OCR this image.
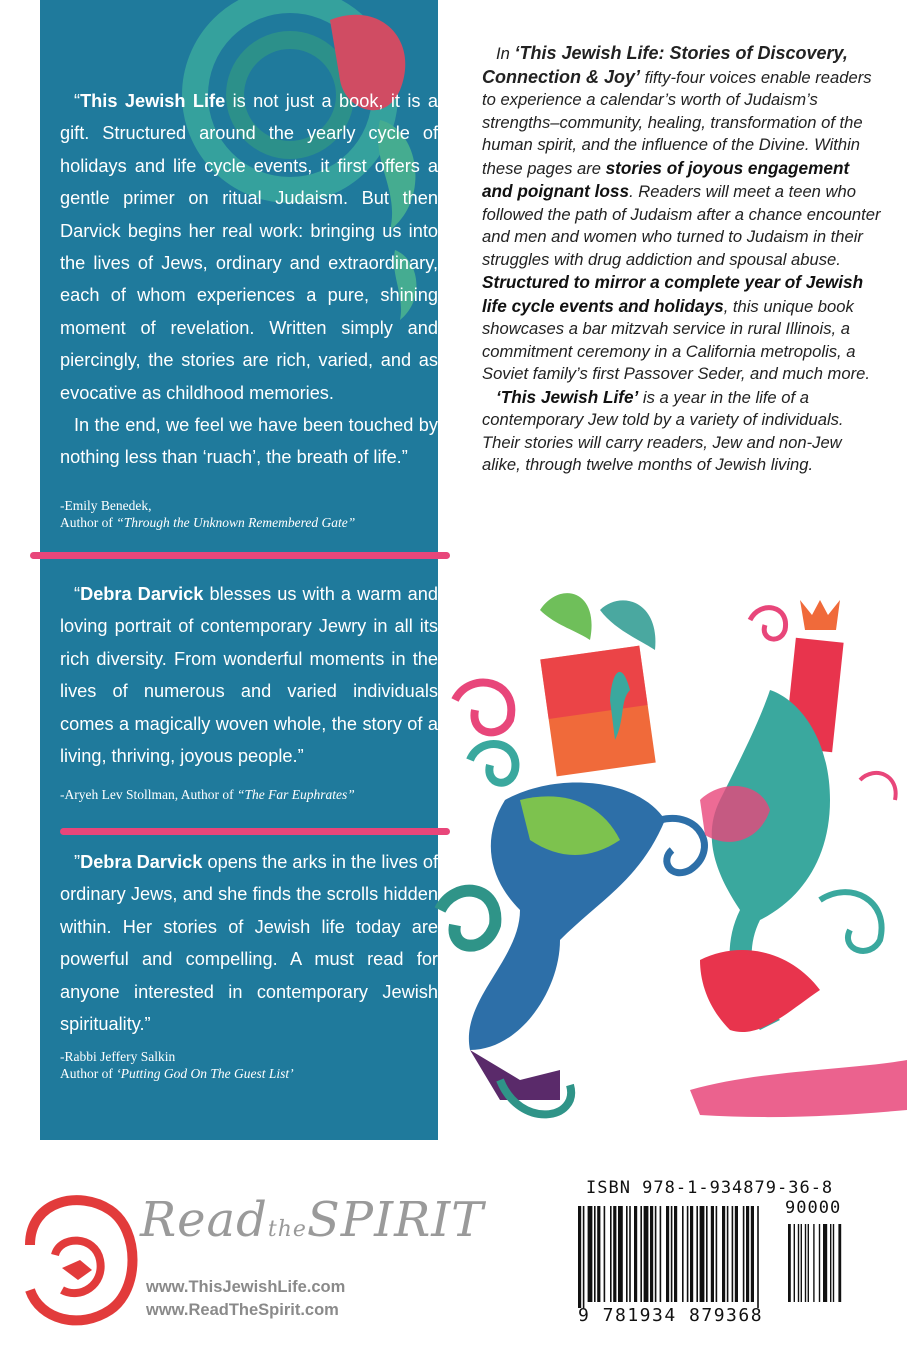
“This Jewish Life is not just a book, it is a gift. Structured around the yearly cycle of holidays and life cycle events, it first offers a gentle primer on ritual Judaism. But then Darvick begins her real work: bringing us into the lives of Jews, ordinary and extraordinary, each of whom experiences a pure, shining moment of revelation. Written simply and piercingly, the stories are rich, varied, and as evocative as childhood memories.

In the end, we feel we have been touched by nothing less than ‘ruach’, the breath of life.”

-Emily Benedek,
Author of “Through the Unknown Remembered Gate”

“Debra Darvick blesses us with a warm and loving portrait of contemporary Jewry in all its rich diversity. From wonderful moments in the lives of numerous and varied individuals comes a magically woven whole, the story of a living, thriving, joyous people.”

-Aryeh Lev Stollman, Author of “The Far Euphrates”

”Debra Darvick opens the arks in the lives of ordinary Jews, and she finds the scrolls hidden within. Her stories of Jewish life today are powerful and compelling. A must read for anyone interested in contemporary Jewish spirituality.”

-Rabbi Jeffery Salkin
Author of ‘Putting God On The Guest List’

In ‘This Jewish Life: Stories of Discovery, Connection & Joy’ fifty-four voices enable readers to experience a calendar’s worth of Judaism’s strengths–community, healing, transformation of the human spirit, and the influence of the Divine. Within these pages are stories of joyous engagement and poignant loss. Readers will meet a teen who followed the path of Judaism after a chance encounter and men and women who turned to Judaism in their struggles with drug addiction and spousal abuse. Structured to mirror a complete year of Jewish life cycle events and holidays, this unique book showcases a bar mitzvah service in rural Illinois, a commitment ceremony in a California metropolis, a Soviet family’s first Passover Seder, and much more.

‘This Jewish Life’ is a year in the life of a contemporary Jew told by a variety of individuals. Their stories will carry readers, Jew and non-Jew alike, through twelve months of Jewish living.

ReadtheSPIRIT
www.ThisJewishLife.com
www.ReadTheSpirit.com
ISBN 978-1-934879-36-8
90000
9 781934 879368
